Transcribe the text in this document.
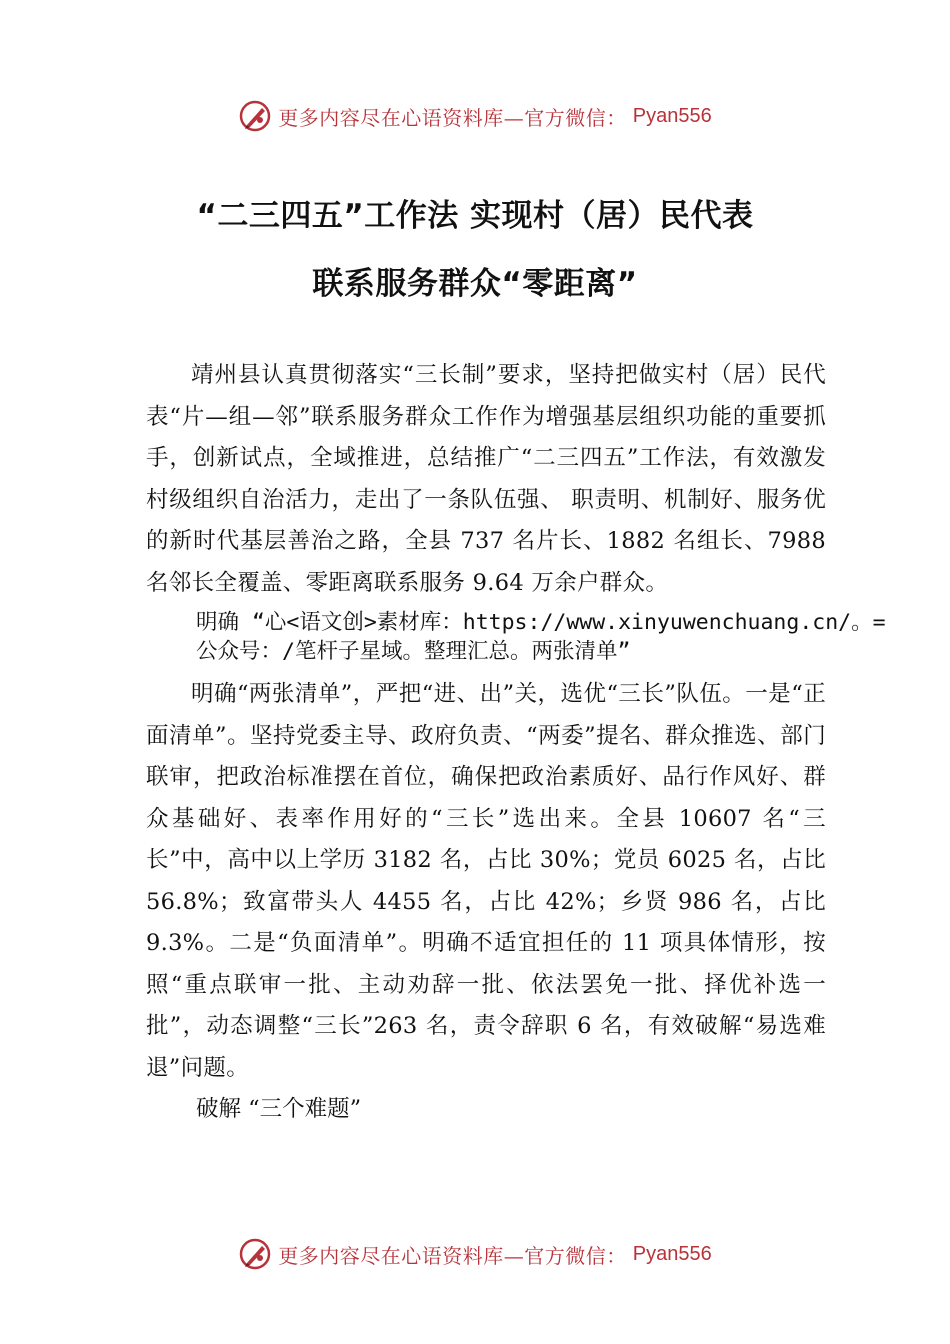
更多内容尽在心语资料库—官方微信： Pyan556
“二三四五”工作法 实现村（居）民代表
联系服务群众“零距离”

靖州县认真贯彻落实“三长制”要求，坚持把做实村（居）民代表“片—组—邻”联系服务群众工作作为增强基层组织功能的重要抓手，创新试点，全域推进，总结推广“二三四五”工作法，有效激发村级组织自治活力，走出了一条队伍强、 职责明、机制好、服务优的新时代基层善治之路，全县 737 名片长、1882 名组长、7988 名邻长全覆盖、零距离联系服务 9.64 万余户群众。

明确 “心<语文创>素材库：https://www.xinyuwenchuang.cn/。=公众号：/笔杆子星域。整理汇总。两张清单”

明确“两张清单”，严把“进、出”关，选优“三长”队伍。一是“正面清单”。坚持党委主导、政府负责、“两委”提名、群众推选、部门联审，把政治标准摆在首位，确保把政治素质好、品行作风好、群众基础好、表率作用好的“三长”选出来。全县 10607 名“三长”中，高中以上学历 3182 名，占比 30%；党员 6025 名，占比 56.8%；致富带头人 4455 名，占比 42%；乡贤 986 名，占比 9.3%。二是“负面清单”。明确不适宜担任的 11 项具体情形，按照“重点联审一批、主动劝辞一批、依法罢免一批、择优补选一批”，动态调整“三长”263 名，责令辞职 6 名，有效破解“易选难退”问题。

破解 “三个难题”

更多内容尽在心语资料库—官方微信： Pyan556
